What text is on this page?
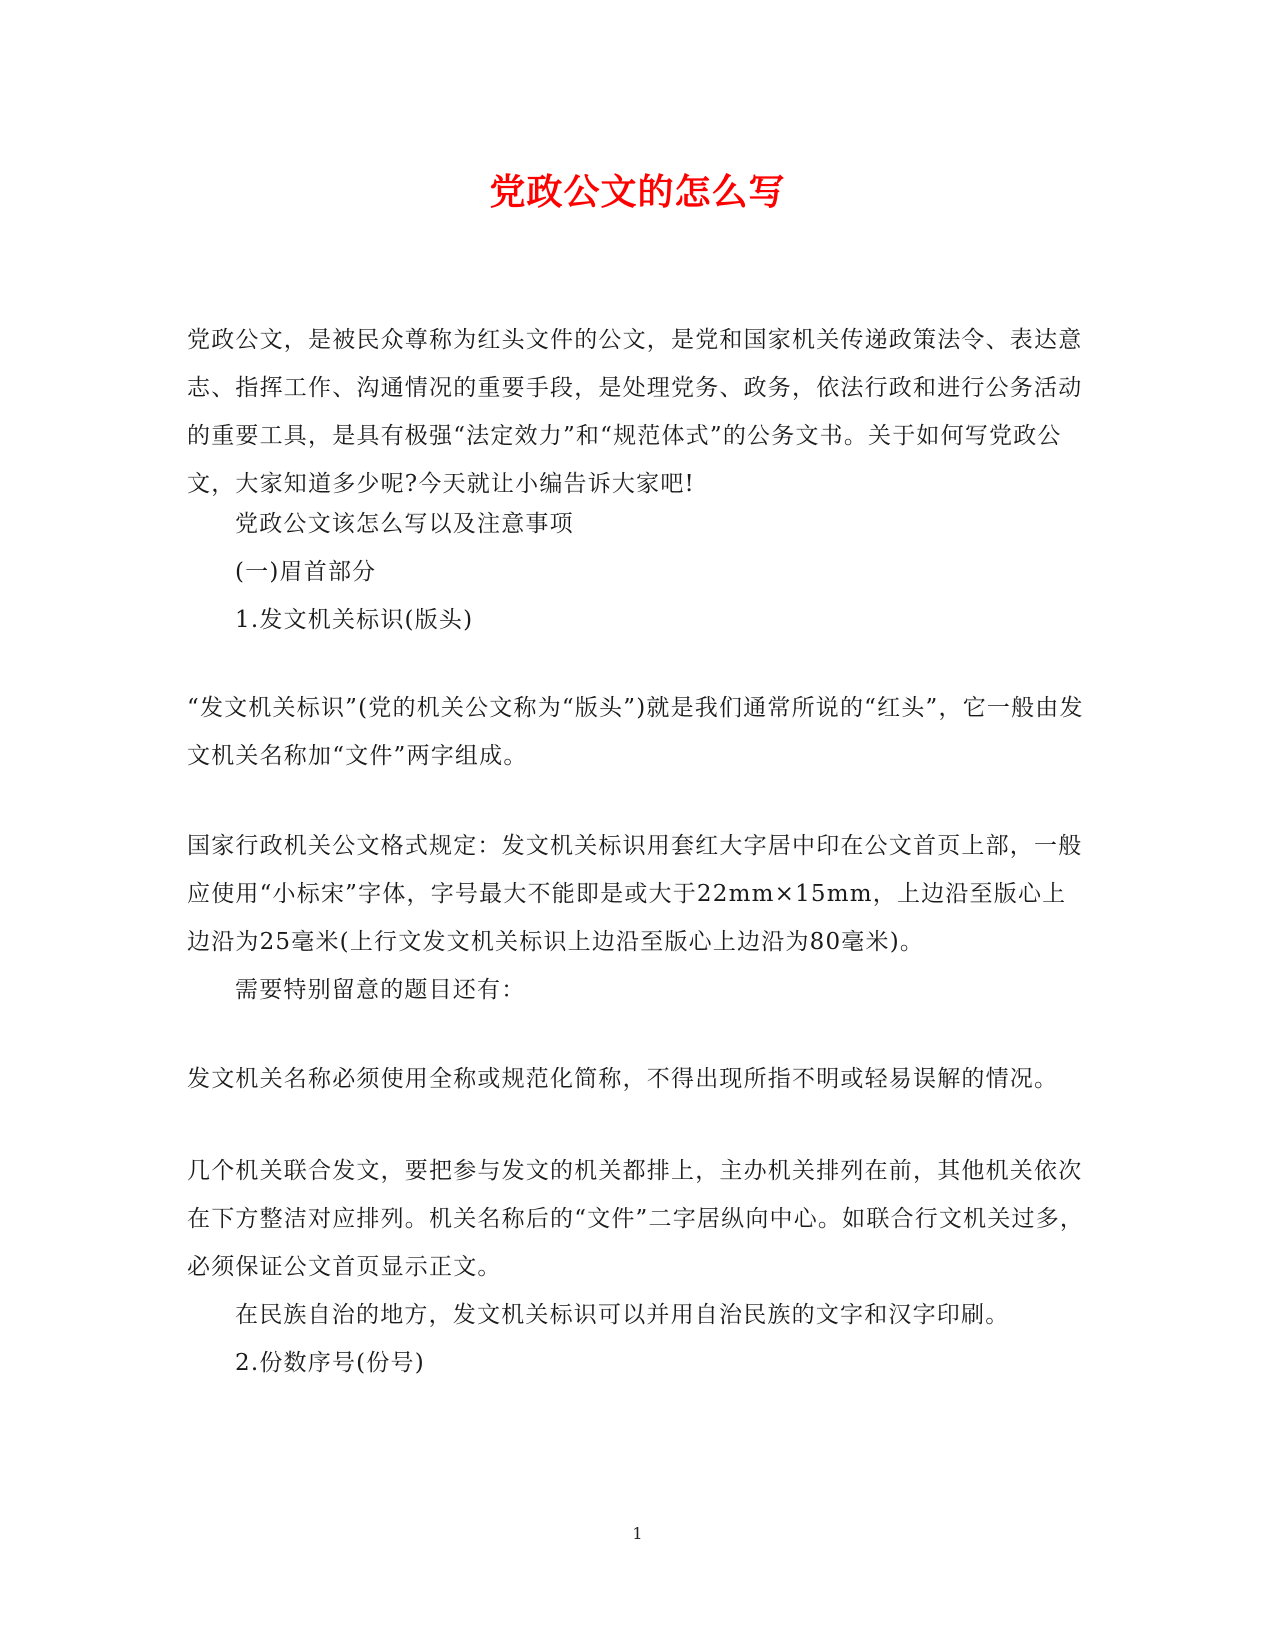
党政公文的怎么写

党政公文，是被民众尊称为红头文件的公文，是党和国家机关传递政策法令、表达意志、指挥工作、沟通情况的重要手段，是处理党务、政务，依法行政和进行公务活动的重要工具，是具有极强“法定效力”和“规范体式”的公务文书。关于如何写党政公文，大家知道多少呢?今天就让小编告诉大家吧!

党政公文该怎么写以及注意事项

(一)眉首部分

1.发文机关标识(版头)

“发文机关标识”(党的机关公文称为“版头”)就是我们通常所说的“红头”，它一般由发文机关名称加“文件”两字组成。

国家行政机关公文格式规定：发文机关标识用套红大字居中印在公文首页上部，一般应使用“小标宋”字体，字号最大不能即是或大于22mm×15mm，上边沿至版心上边沿为25毫米(上行文发文机关标识上边沿至版心上边沿为80毫米)。

需要特别留意的题目还有：

发文机关名称必须使用全称或规范化简称，不得出现所指不明或轻易误解的情况。

几个机关联合发文，要把参与发文的机关都排上，主办机关排列在前，其他机关依次在下方整洁对应排列。机关名称后的“文件”二字居纵向中心。如联合行文机关过多，必须保证公文首页显示正文。

在民族自治的地方，发文机关标识可以并用自治民族的文字和汉字印刷。

2.份数序号(份号)

1
